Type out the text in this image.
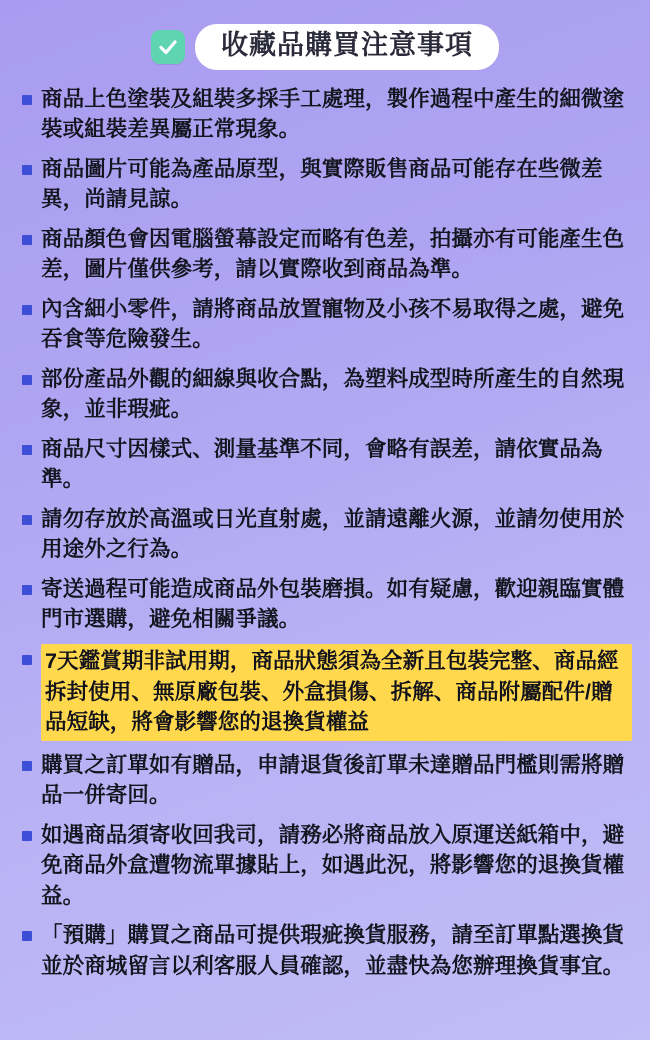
收藏品購買注意事項
商品上色塗裝及組裝多採手工處理，製作過程中產生的細微塗裝或組裝差異屬正常現象。
商品圖片可能為產品原型，與實際販售商品可能存在些微差異，尚請見諒。
商品顏色會因電腦螢幕設定而略有色差，拍攝亦有可能產生色差，圖片僅供參考，請以實際收到商品為準。
內含細小零件，請將商品放置寵物及小孩不易取得之處，避免吞食等危險發生。
部份產品外觀的細線與收合點，為塑料成型時所產生的自然現象，並非瑕疵。
商品尺寸因樣式、測量基準不同，會略有誤差，請依實品為準。
請勿存放於高溫或日光直射處，並請遠離火源，並請勿使用於用途外之行為。
寄送過程可能造成商品外包裝磨損。如有疑慮，歡迎親臨實體門市選購，避免相關爭議。
7天鑑賞期非試用期，商品狀態須為全新且包裝完整、商品經拆封使用、無原廠包裝、外盒損傷、拆解、商品附屬配件/贈品短缺，將會影響您的退換貨權益
購買之訂單如有贈品，申請退貨後訂單未達贈品門檻則需將贈品一併寄回。
如遇商品須寄收回我司，請務必將商品放入原運送紙箱中，避免商品外盒遭物流單據貼上，如遇此況，將影響您的退換貨權益。
「預購」購買之商品可提供瑕疵換貨服務，請至訂單點選換貨並於商城留言以利客服人員確認，並盡快為您辦理換貨事宜。
